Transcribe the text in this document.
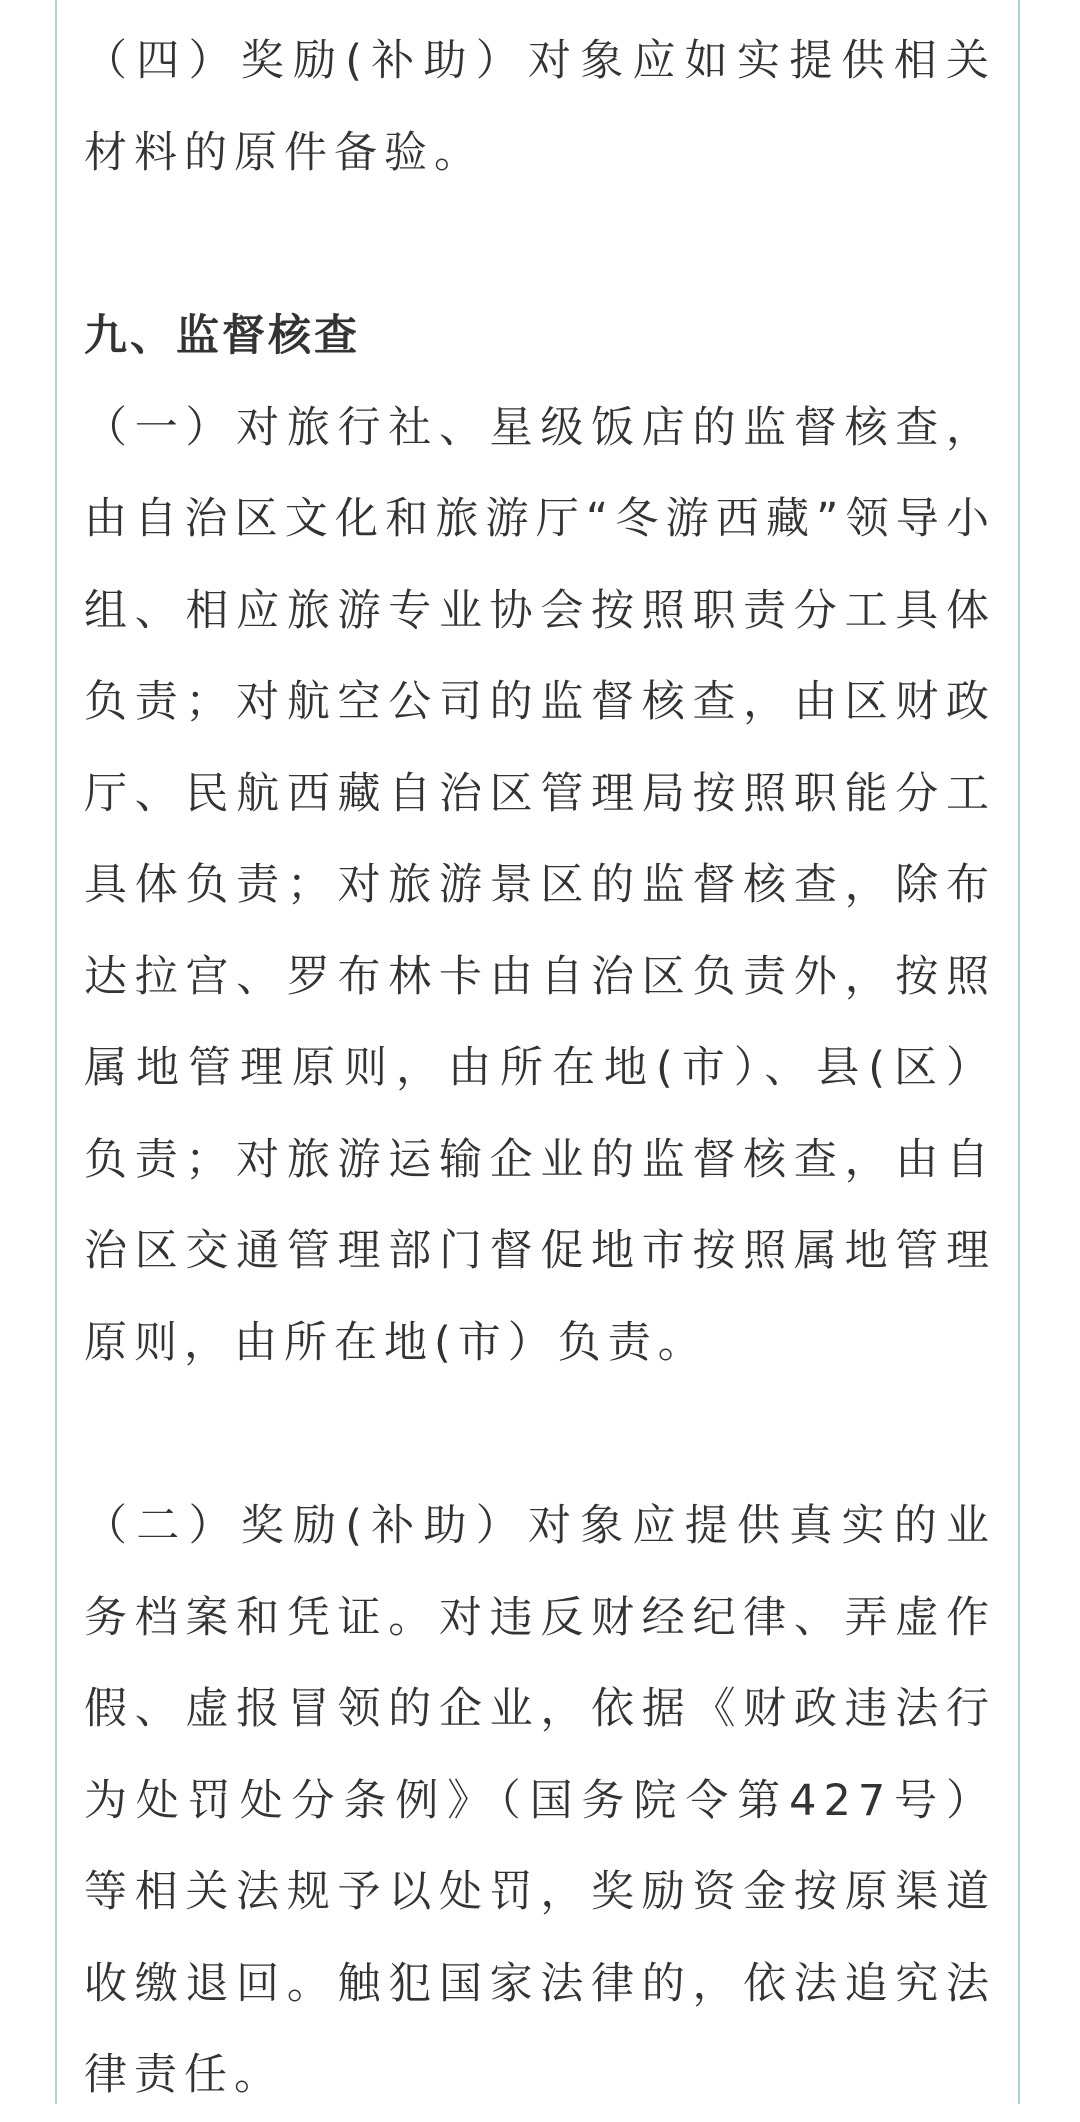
（四）奖励(补助）对象应如实提供相关材料的原件备验。

九、监督核查

（一）对旅行社、星级饭店的监督核查，由自治区文化和旅游厅“冬游西藏”领导小组、相应旅游专业协会按照职责分工具体负责；对航空公司的监督核查，由区财政厅、民航西藏自治区管理局按照职能分工具体负责；对旅游景区的监督核查，除布达拉宫、罗布林卡由自治区负责外，按照属地管理原则，由所在地(市）、县(区）负责；对旅游运输企业的监督核查，由自治区交通管理部门督促地市按照属地管理原则，由所在地(市）负责。

（二）奖励(补助）对象应提供真实的业务档案和凭证。对违反财经纪律、弄虚作假、虚报冒领的企业，依据《财政违法行为处罚处分条例》（国务院令第427号）等相关法规予以处罚，奖励资金按原渠道收缴退回。触犯国家法律的，依法追究法律责任。
